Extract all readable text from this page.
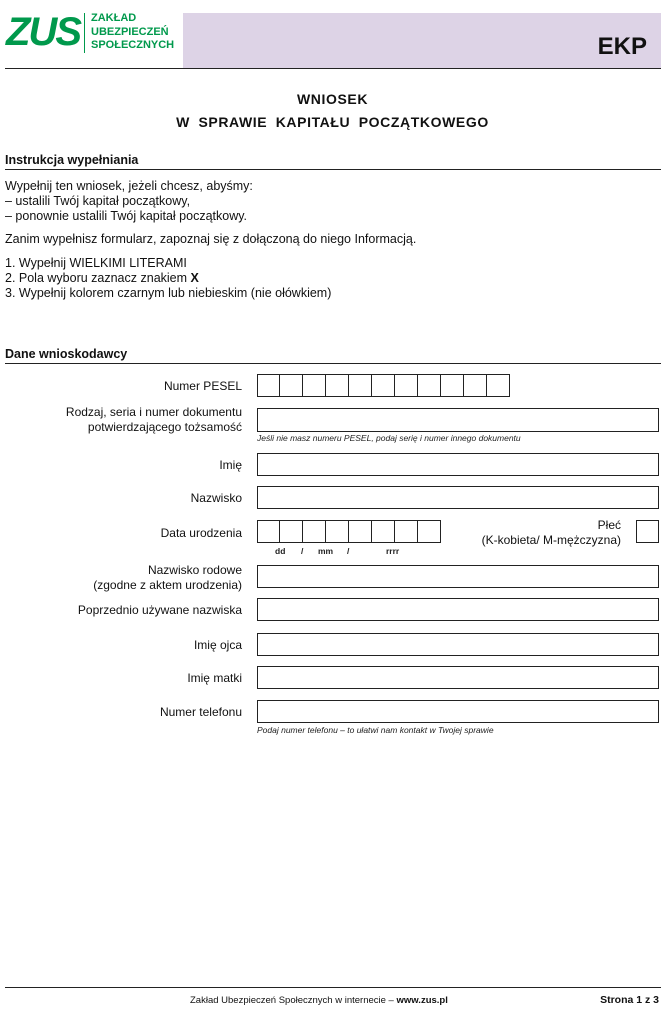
ZUS ZAKŁAD
UBEZPIECZEŃ
SPOŁECZNYCH	EKP
WNIOSEK
W SPRAWIE KAPITAŁU POCZĄTKOWEGO
Instrukcja wypełniania
Wypełnij ten wniosek, jeżeli chcesz, abyśmy:
– ustalili Twój kapitał początkowy,
– ponownie ustalili Twój kapitał początkowy.
Zanim wypełnisz formularz, zapoznaj się z dołączoną do niego Informacją.
1. Wypełnij WIELKIMI LITERAMI
2. Pola wyboru zaznacz znakiem X
3. Wypełnij kolorem czarnym lub niebieskim (nie ołówkiem)
Dane wnioskodawcy
Numer PESEL
Rodzaj, seria i numer dokumentu
potwierdzającego tożsamość
Jeśli nie masz numeru PESEL, podaj serię i numer innego dokumentu
Imię
Nazwisko
Data urodzenia
dd / mm /	rrrr
Płeć
(K-kobieta/ M-mężczyzna)
Nazwisko rodowe
(zgodne z aktem urodzenia)
Poprzednio używane nazwiska
Imię ojca
Imię matki
Numer telefonu
Podaj numer telefonu – to ułatwi nam kontakt w Twojej sprawie
Zakład Ubezpieczeń Społecznych w internecie – www.zus.pl	Strona 1 z 3
